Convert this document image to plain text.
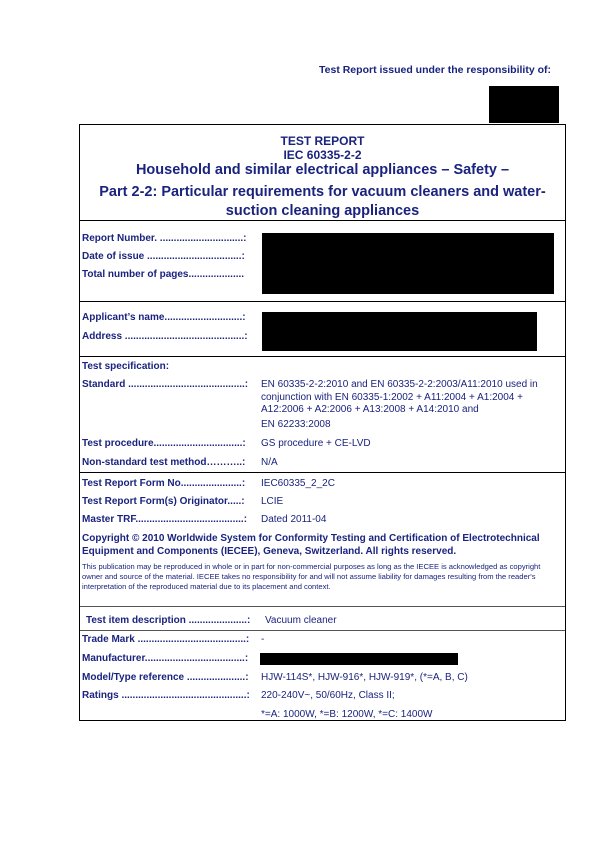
Test Report issued under the responsibility of:
TEST REPORT
IEC 60335-2-2
Household and similar electrical appliances – Safety –
Part 2-2: Particular requirements for vacuum cleaners and water-suction cleaning appliances
Report Number. ..............................:
Date of issue ..................................:
Total number of pages....................
Applicant’s name............................:
Address ...........................................:
Test specification:
Standard ..........................................: EN 60335-2-2:2010 and EN 60335-2-2:2003/A11:2010 used in conjunction with EN 60335-1:2002 + A11:2004 + A1:2004 + A12:2006 + A2:2006 + A13:2008 + A14:2010 and
EN 62233:2008
Test procedure................................: GS procedure + CE-LVD
Non-standard test method………..: N/A
Test Report Form No......................: IEC60335_2_2C
Test Report Form(s) Originator.....: LCIE
Master TRF.......................................: Dated 2011-04
Copyright © 2010 Worldwide System for Conformity Testing and Certification of Electrotechnical Equipment and Components (IECEE), Geneva, Switzerland. All rights reserved.
This publication may be reproduced in whole or in part for non-commercial purposes as long as the IECEE is acknowledged as copyright owner and source of the material. IECEE takes no responsibility for and will not assume liability for damages resulting from the reader's interpretation of the reproduced material due to its placement and context.
Test item description .....................: Vacuum cleaner
Trade Mark .......................................: -
Manufacturer....................................:
Model/Type reference .....................: HJW-114S*, HJW-916*, HJW-919*, (*=A, B, C)
Ratings .............................................: 220-240V~, 50/60Hz, Class II;
*=A: 1000W, *=B: 1200W, *=C: 1400W
